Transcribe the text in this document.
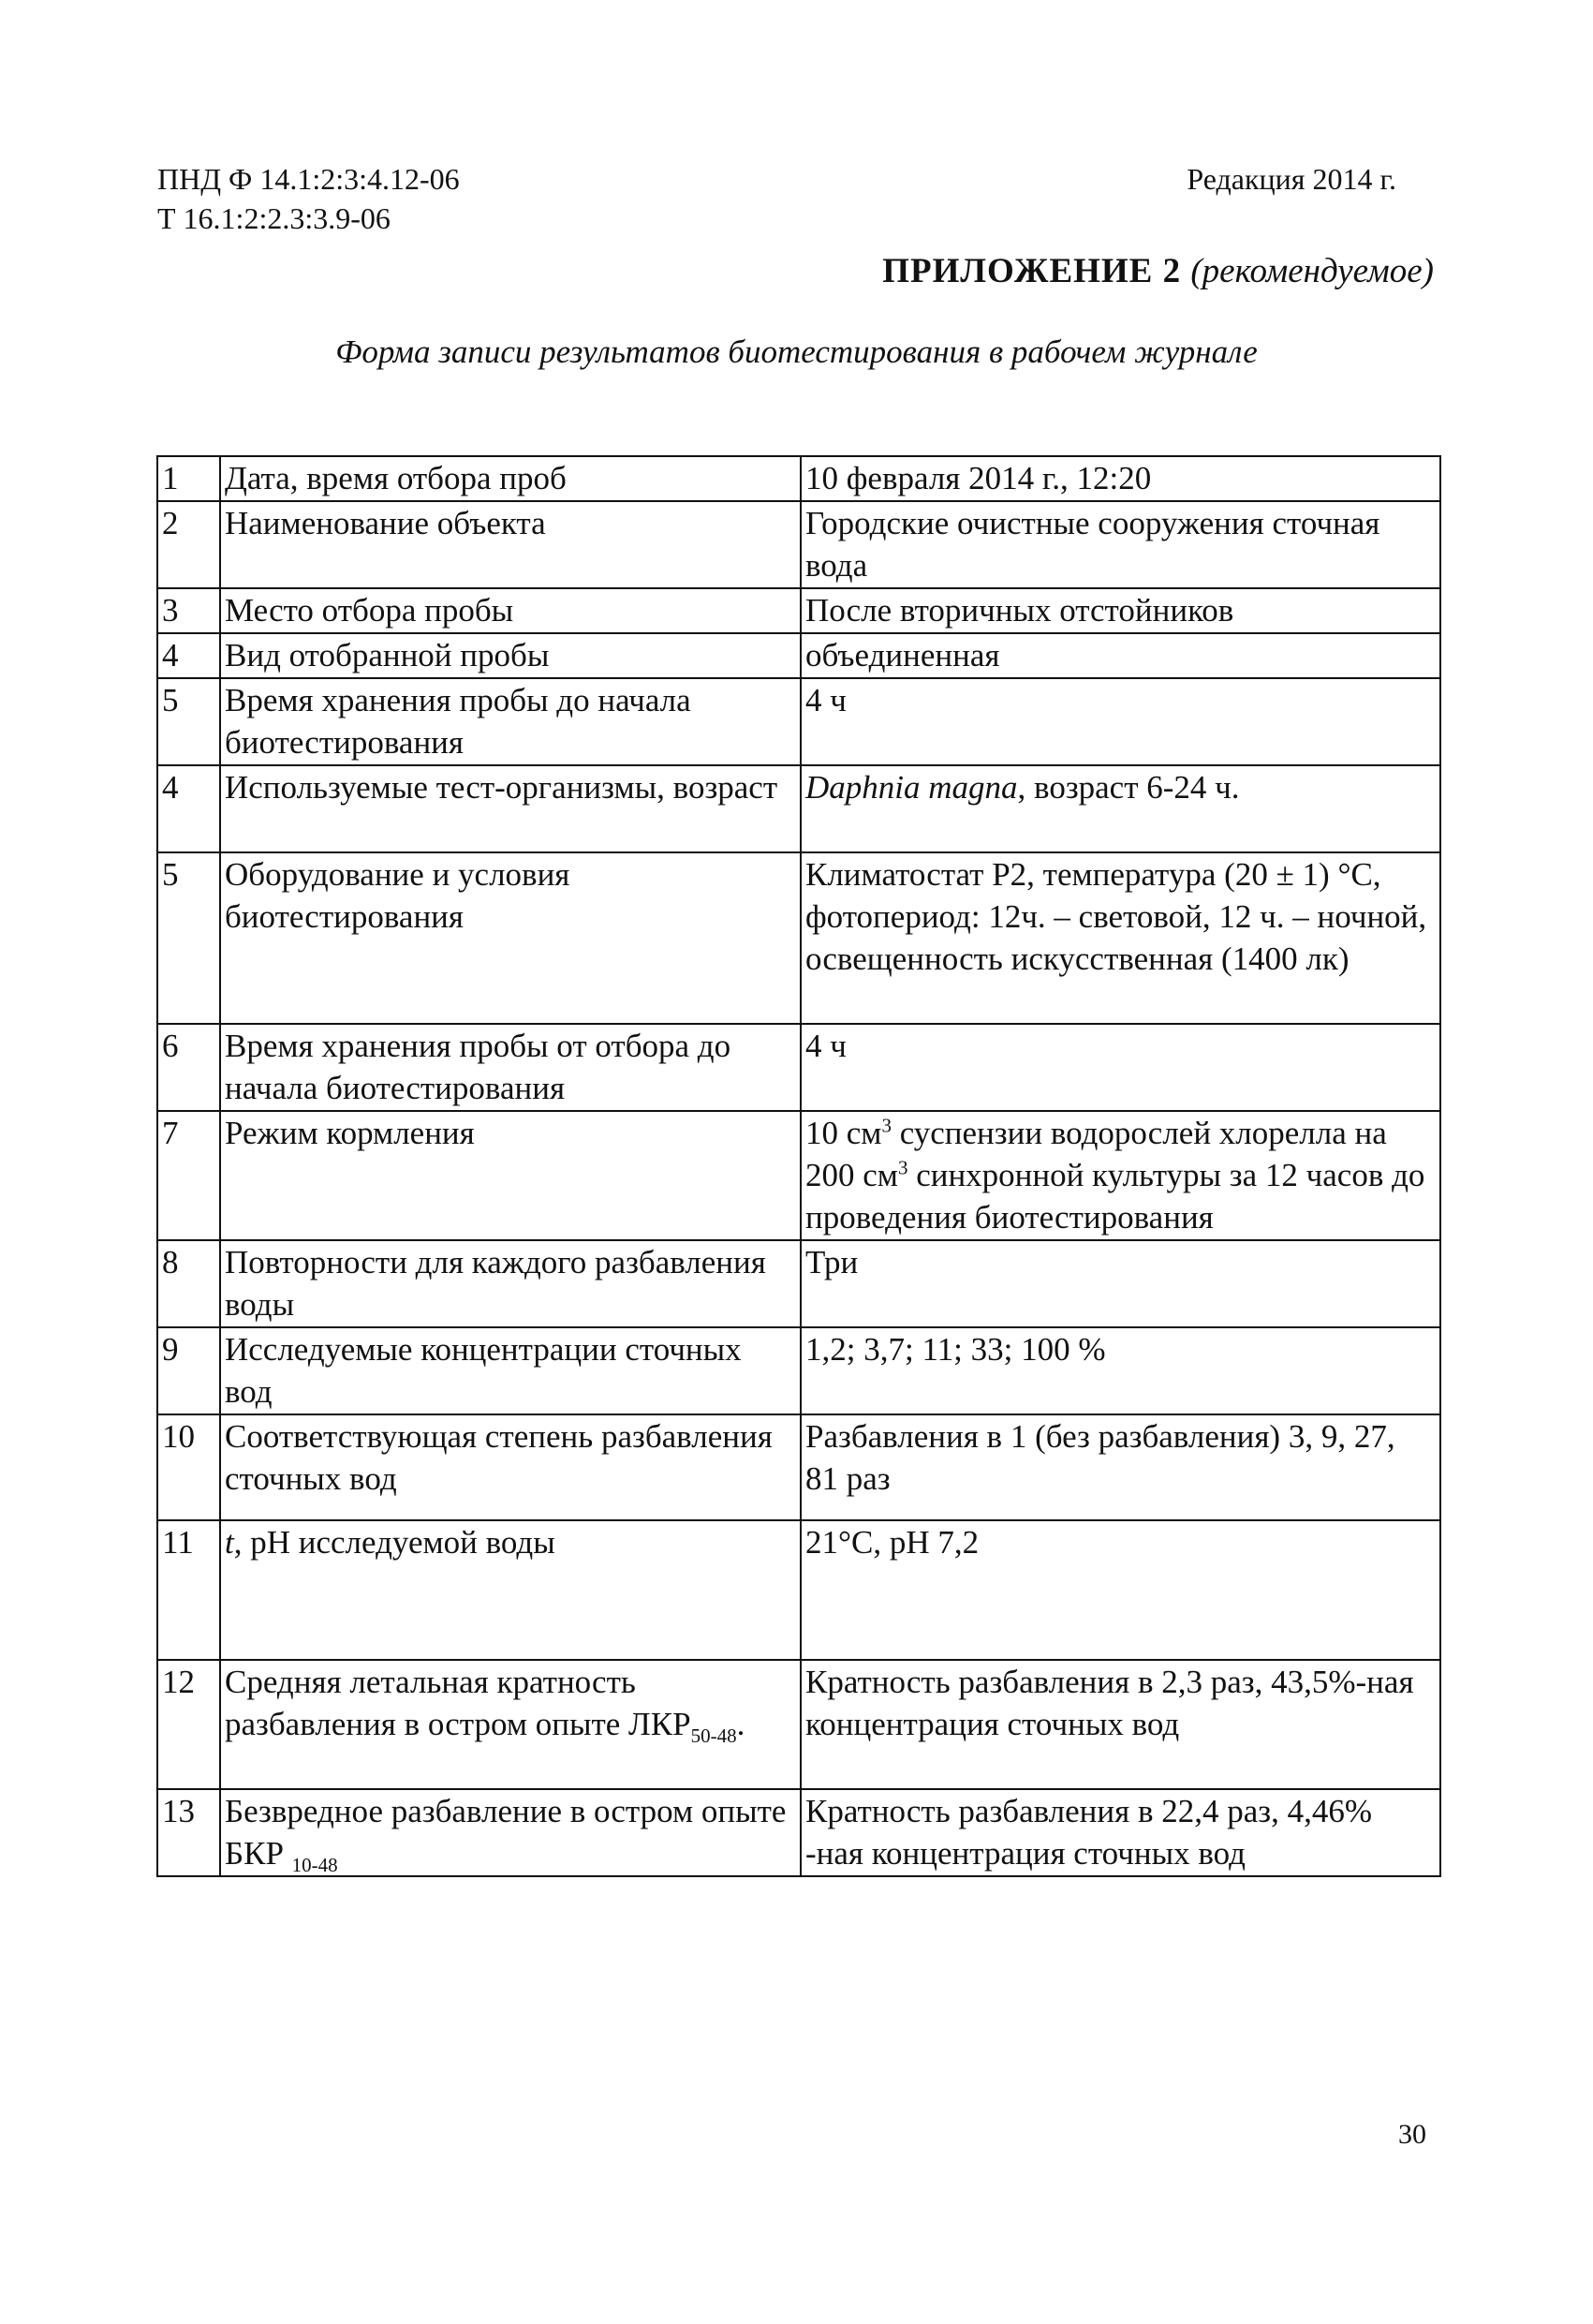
ПНД Ф 14.1:2:3:4.12-06
Т 16.1:2:2.3:3.9-06
Редакция 2014 г.
ПРИЛОЖЕНИЕ 2 (рекомендуемое)
Форма записи результатов биотестирования в рабочем журнале
1	Дата, время отбора проб	10 февраля 2014 г., 12:20
2	Наименование объекта	Городские очистные сооружения сточная вода
3	Место отбора пробы	После вторичных отстойников
4	Вид отобранной пробы	объединенная
5	Время хранения пробы до начала биотестирования	4 ч
4	Используемые тест-организмы, возраст	Daphnia magna, возраст 6-24 ч.
5	Оборудование и условия биотестирования	Климатостат Р2, температура (20 ± 1) °С, фотопериод: 12ч. – световой, 12 ч. – ночной, освещенность искусственная (1400 лк)
6	Время хранения пробы от отбора до начала биотестирования	4 ч
7	Режим кормления	10 $см^3$ суспензии водорослей хлорелла на 200 $см^3$ синхронной культуры за 12 часов до проведения биотестирования
8	Повторности для каждого разбавления воды	Три
9	Исследуемые концентрации сточных вод	1,2; 3,7; 11; 33; 100 %
10	Соответствующая степень разбавления сточных вод	Разбавления в 1 (без разбавления) 3, 9, 27, 81 раз
11	t, рН исследуемой воды	21°С, рН 7,2
12	Средняя летальная кратность разбавления в остром опыте $ЛКР_{50-48}$.	Кратность разбавления в 2,3 раз, 43,5%-ная концентрация сточных вод
13	Безвредное разбавление в остром опыте БКР $_{10-48}$	Кратность разбавления в 22,4 раз, 4,46% -ная концентрация сточных вод
30
